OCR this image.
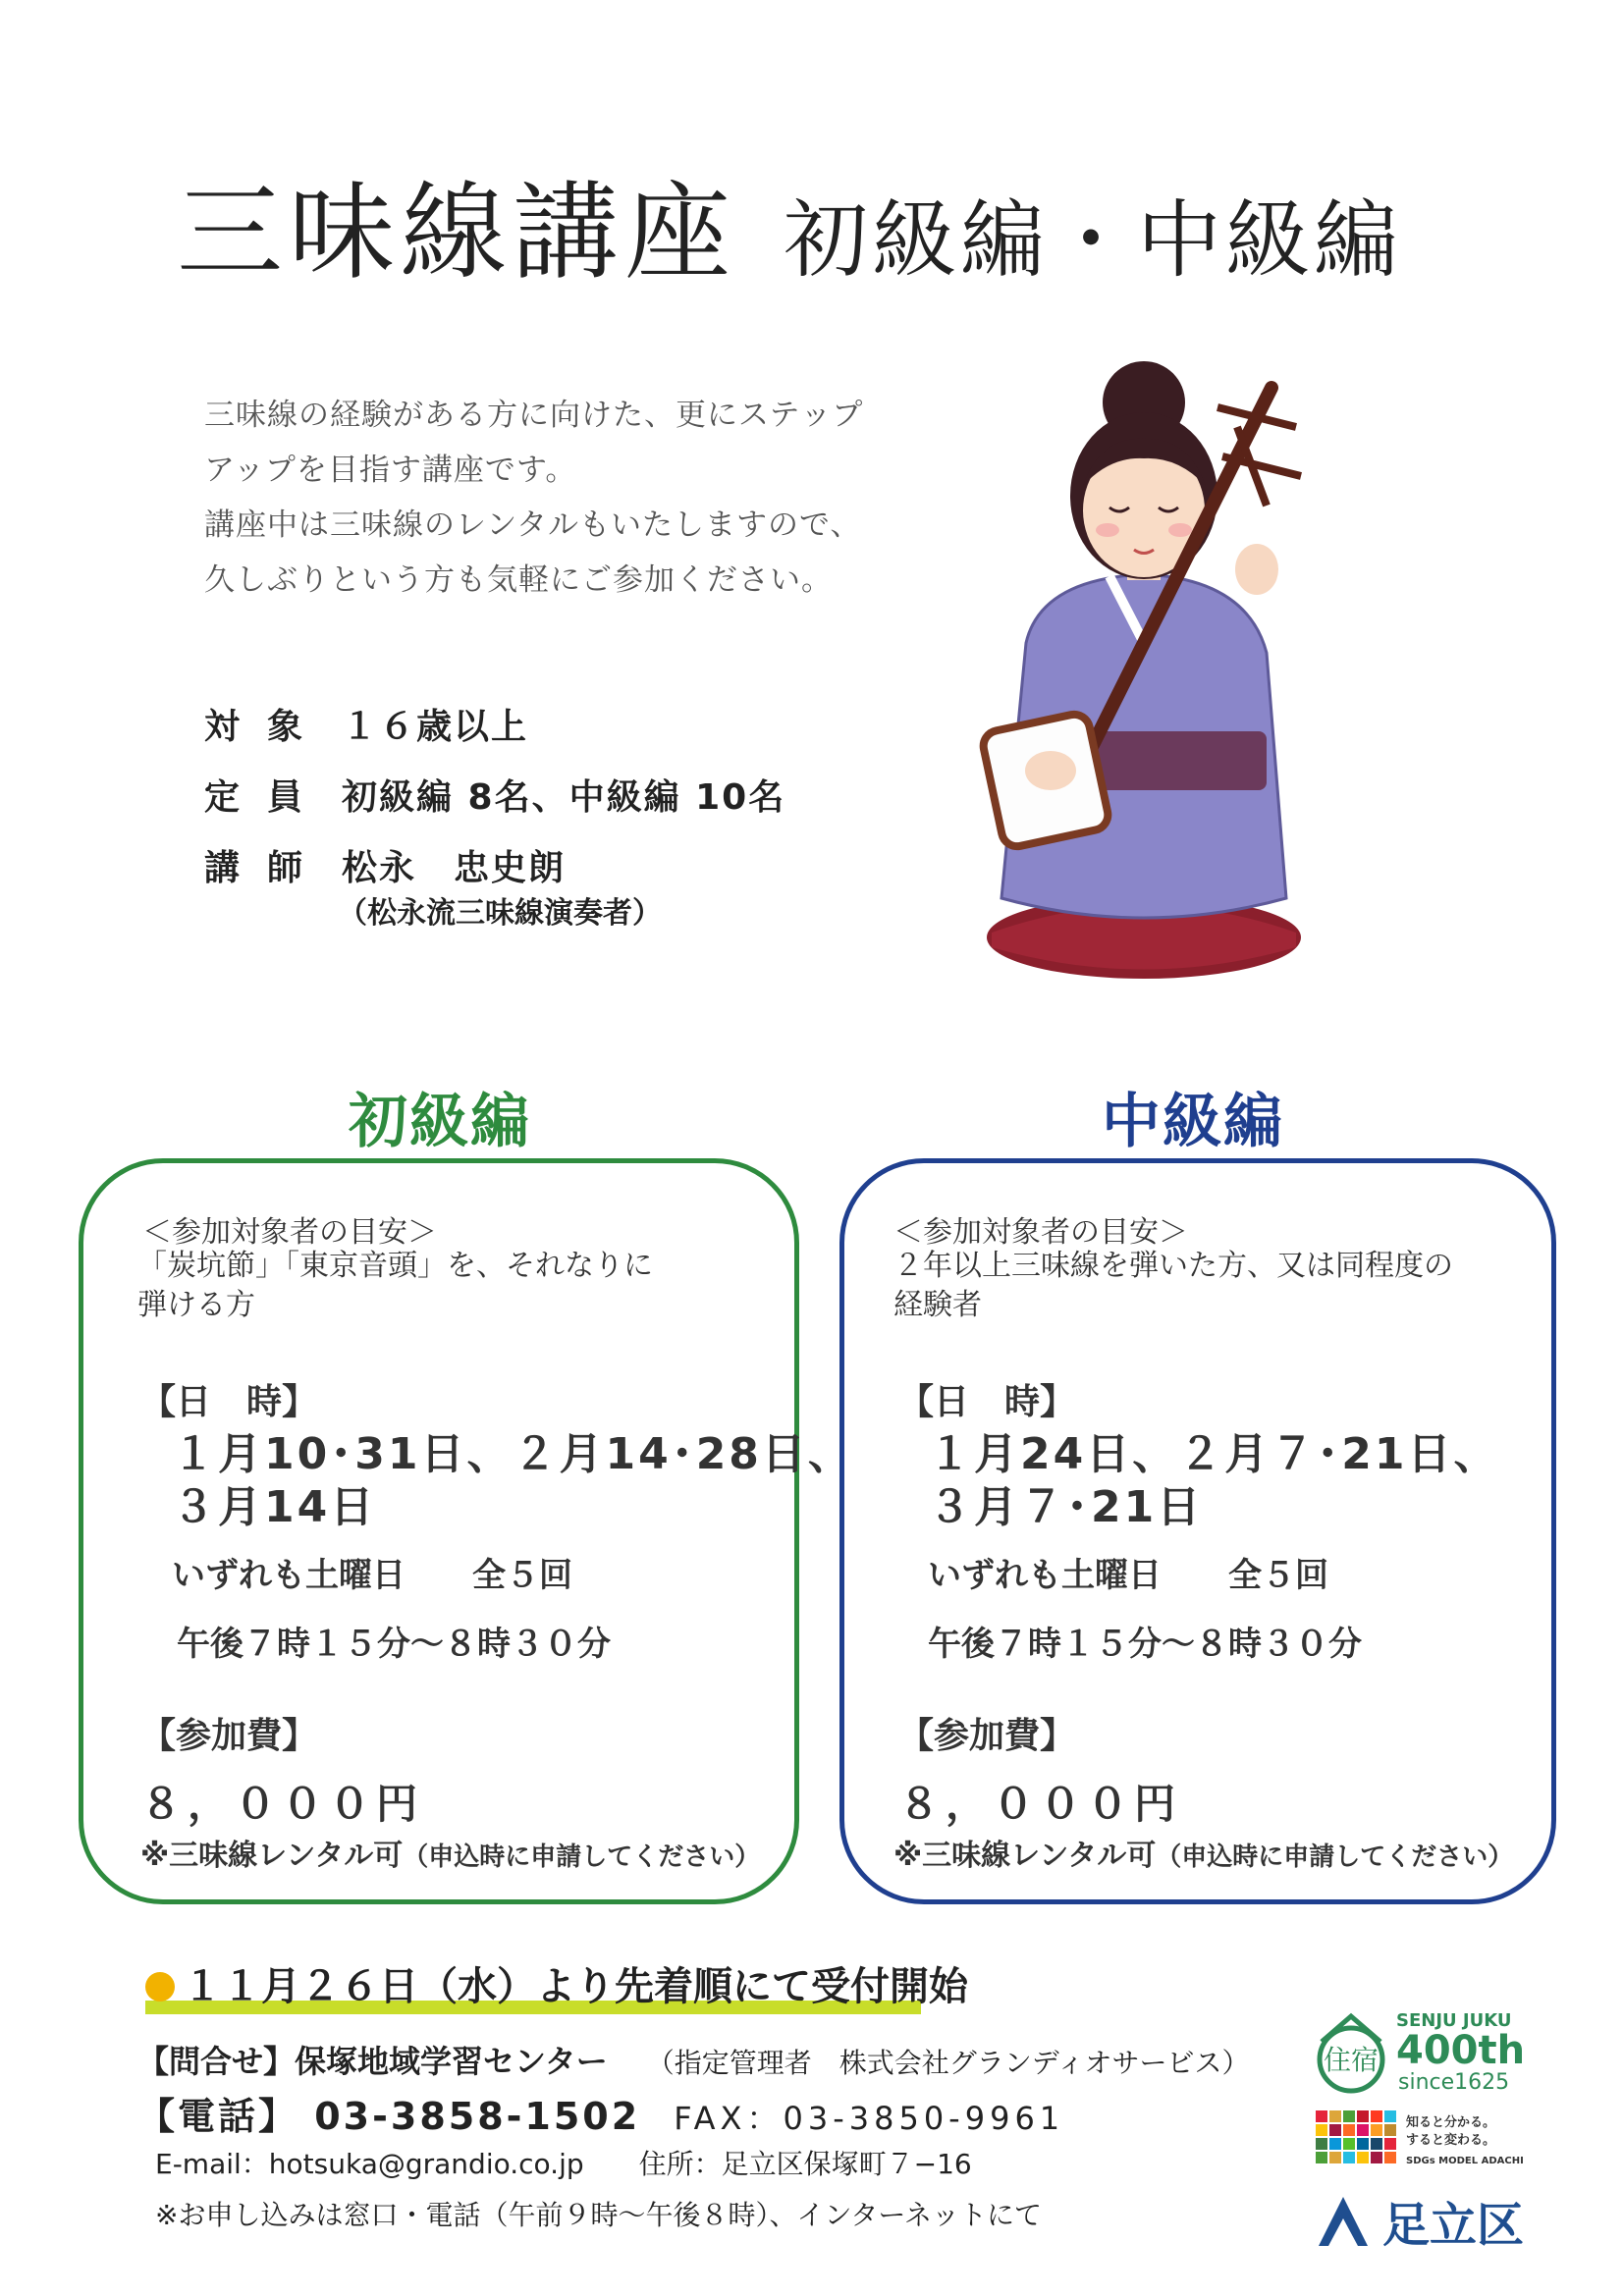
三味線講座 初級編・中級編
三味線の経験がある方に向けた、更にステップ
アップを目指す講座です。
講座中は三味線のレンタルもいたしますので、
久しぶりという方も気軽にご参加ください。
対象 １６歳以上
定員 初級編 8名、中級編 10名
講師 松永　忠史朗
（松永流三味線演奏者）
初級編	中級編
＜参加対象者の目安＞
「炭坑節」「東京音頭」を、それなりに
弾ける方
【日　時】
１月10･31日、２月14･28日、
３月14日
いずれも土曜日　　全５回
午後７時１５分～８時３０分
【参加費】
８，０００円
※三味線レンタル可（申込時に申請してください）
＜参加対象者の目安＞
２年以上三味線を弾いた方、又は同程度の
経験者
【日　時】
１月24日、２月７･21日、
３月７･21日
いずれも土曜日　　全５回
午後７時１５分～８時３０分
【参加費】
８，０００円
※三味線レンタル可（申込時に申請してください）
１１月２６日（水）より先着順にて受付開始
【問合せ】保塚地域学習センター （指定管理者　株式会社グランディオサービス）
【電話】 03-3858-1502 FAX：03-3850-9961
E-mail：hotsuka@grandio.co.jp 住所：足立区保塚町７−16
※お申し込みは窓口・電話（午前９時～午後８時）、インターネットにて
住宿
SENJU JUKU
400th
since1625
知ると分かる。
すると変わる。
SDGs MODEL ADACHI
足立区
